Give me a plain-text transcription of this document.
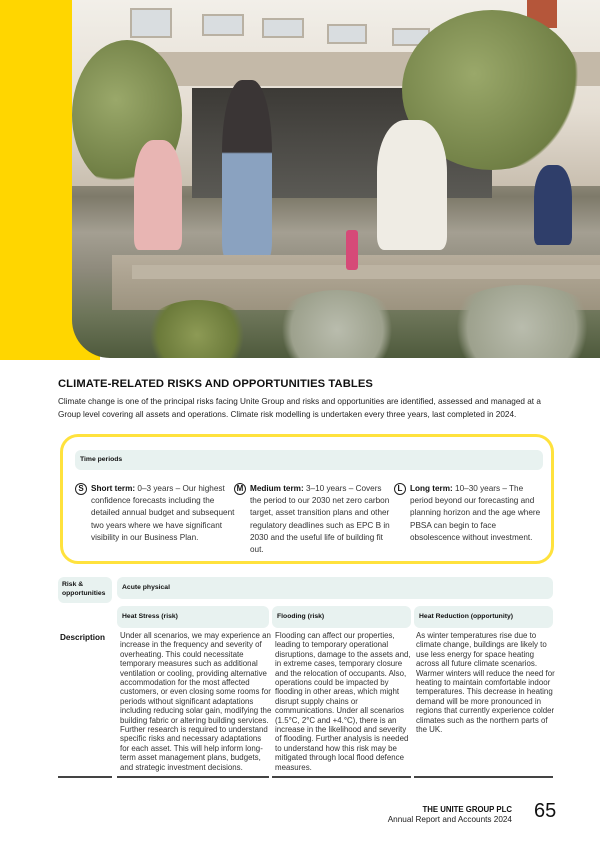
CLIMATE-RELATED RISKS AND OPPORTUNITIES TABLES

Climate change is one of the principal risks facing Unite Group and risks and opportunities are identified, assessed and managed at a Group level covering all assets and operations. Climate risk modelling is undertaken every three years, last completed in 2024.

Time periods
S Short term: 0–3 years – Our highest confidence forecasts including the detailed annual budget and subsequent two years where we have significant visibility in our Business Plan.
M Medium term: 3–10 years – Covers the period to our 2030 net zero carbon target, asset transition plans and other regulatory deadlines such as EPC B in 2030 and the useful life of building fit out.
L Long term: 10–30 years – The period beyond our forecasting and planning horizon and the age where PBSA can begin to face obsolescence without investment.
Risk & opportunities
Acute physical
Heat Stress (risk)	Flooding (risk)	Heat Reduction (opportunity)
Description Under all scenarios, we may experience an increase in the frequency and severity of overheating. This could necessitate temporary measures such as additional ventilation or cooling, providing alternative accommodation for the most affected customers, or even closing some rooms for periods without significant adaptations including reducing solar gain, modifying the building fabric or altering building services. Further research is required to understand specific risks and necessary adaptations for each asset. This will help inform long-term asset management plans, budgets, and strategic investment decisions.
Flooding can affect our properties, leading to temporary operational disruptions, damage to the assets and, in extreme cases, temporary closure and the relocation of occupants. Also, operations could be impacted by flooding in other areas, which might disrupt supply chains or communications. Under all scenarios (1.5°C, 2°C and +4.°C), there is an increase in the likelihood and severity of flooding. Further analysis is needed to understand how this risk may be mitigated through local flood defence measures.
As winter temperatures rise due to climate change, buildings are likely to use less energy for space heating across all future climate scenarios. Warmer winters will reduce the need for heating to maintain comfortable indoor temperatures. This decrease in heating demand will be more pronounced in regions that currently experience colder climates such as the northern parts of the UK.
THE UNITE GROUP PLC
Annual Report and Accounts 2024 65
